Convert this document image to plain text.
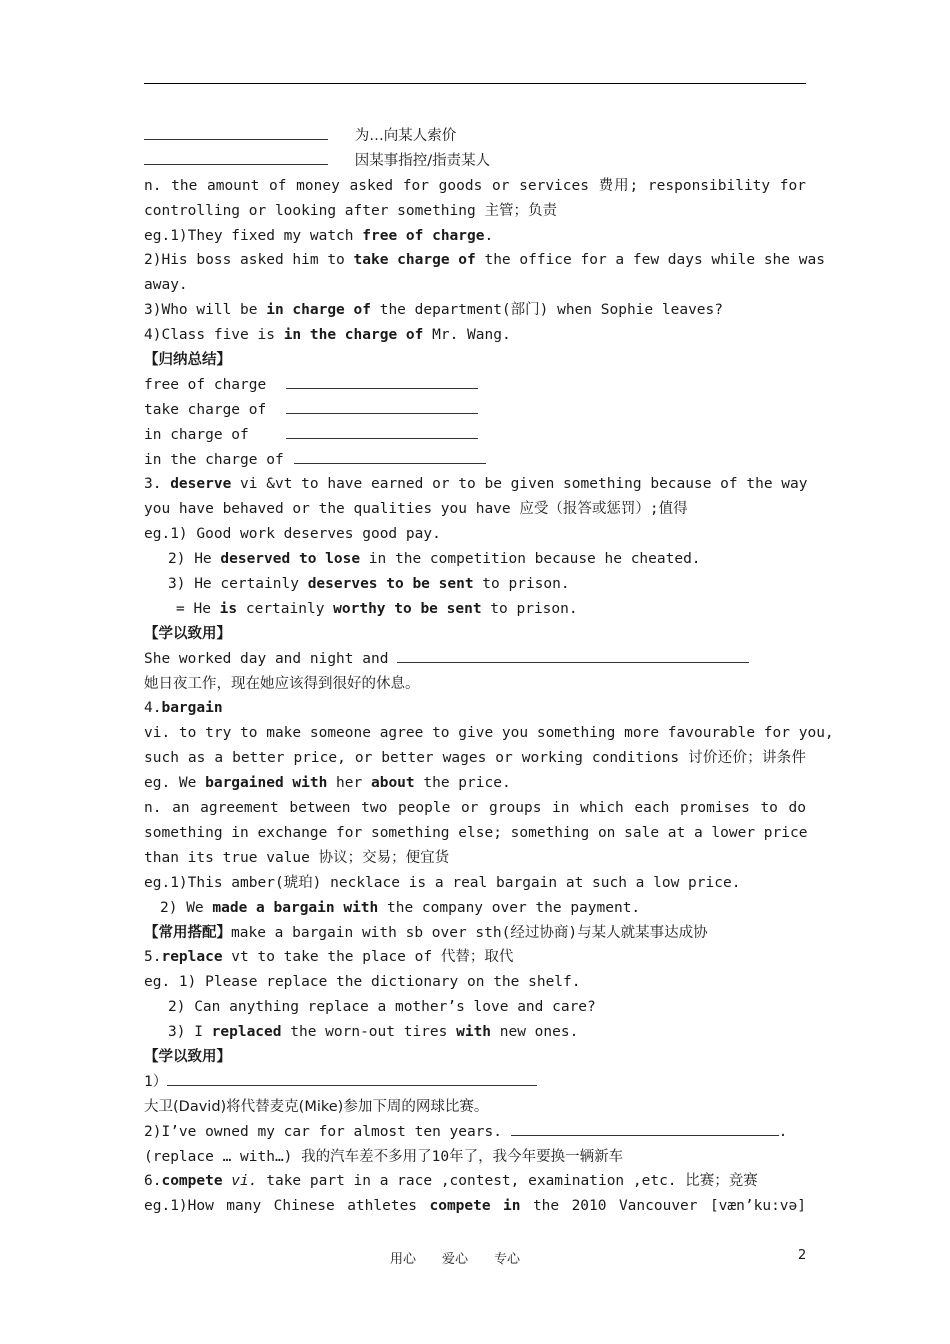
为…向某人索价
因某事指控/指责某人
n. the amount of money asked for goods or services 费用; responsibility for
controlling or looking after something 主管；负责
eg.1)They fixed my watch free of charge.
2)His boss asked him to take charge of the office for a few days while she was
away.
3)Who will be in charge of the department(部门) when Sophie leaves?
4)Class five is in the charge of Mr. Wang.
【归纳总结】
free of charge
take charge of
in charge of
in the charge of
3. deserve vi &vt to have earned or to be given something because of the way
you have behaved or the qualities you have 应受（报答或惩罚）;值得
eg.1) Good work deserves good pay.
2) He deserved to lose in the competition because he cheated.
3) He certainly deserves to be sent to prison.
= He is certainly worthy to be sent to prison.
【学以致用】
She worked day and night and
她日夜工作，现在她应该得到很好的休息。
4.bargain
vi. to try to make someone agree to give you something more favourable for you,
such as a better price, or better wages or working conditions 讨价还价；讲条件
eg. We bargained with her about the price.
n. an agreement between two people or groups in which each promises to do
something in exchange for something else; something on sale at a lower price
than its true value 协议；交易；便宜货
eg.1)This amber(琥珀) necklace is a real bargain at such a low price.
2) We made a bargain with the company over the payment.
【常用搭配】make a bargain with sb over sth(经过协商)与某人就某事达成协
5.replace vt to take the place of 代替；取代
eg. 1) Please replace the dictionary on the shelf.
2) Can anything replace a mother’s love and care?
3) I replaced the worn-out tires with new ones.
【学以致用】
1）
大卫(David)将代替麦克(Mike)参加下周的网球比赛。
2)I’ve owned my car for almost ten years.	.
(replace … with…) 我的汽车差不多用了10年了，我今年要换一辆新车
6.compete vi. take part in a race ,contest, examination ,etc. 比赛；竞赛
eg.1)How many Chinese athletes compete in the 2010 Vancouver [væn’ku:və]
用心 爱心 专心	2
